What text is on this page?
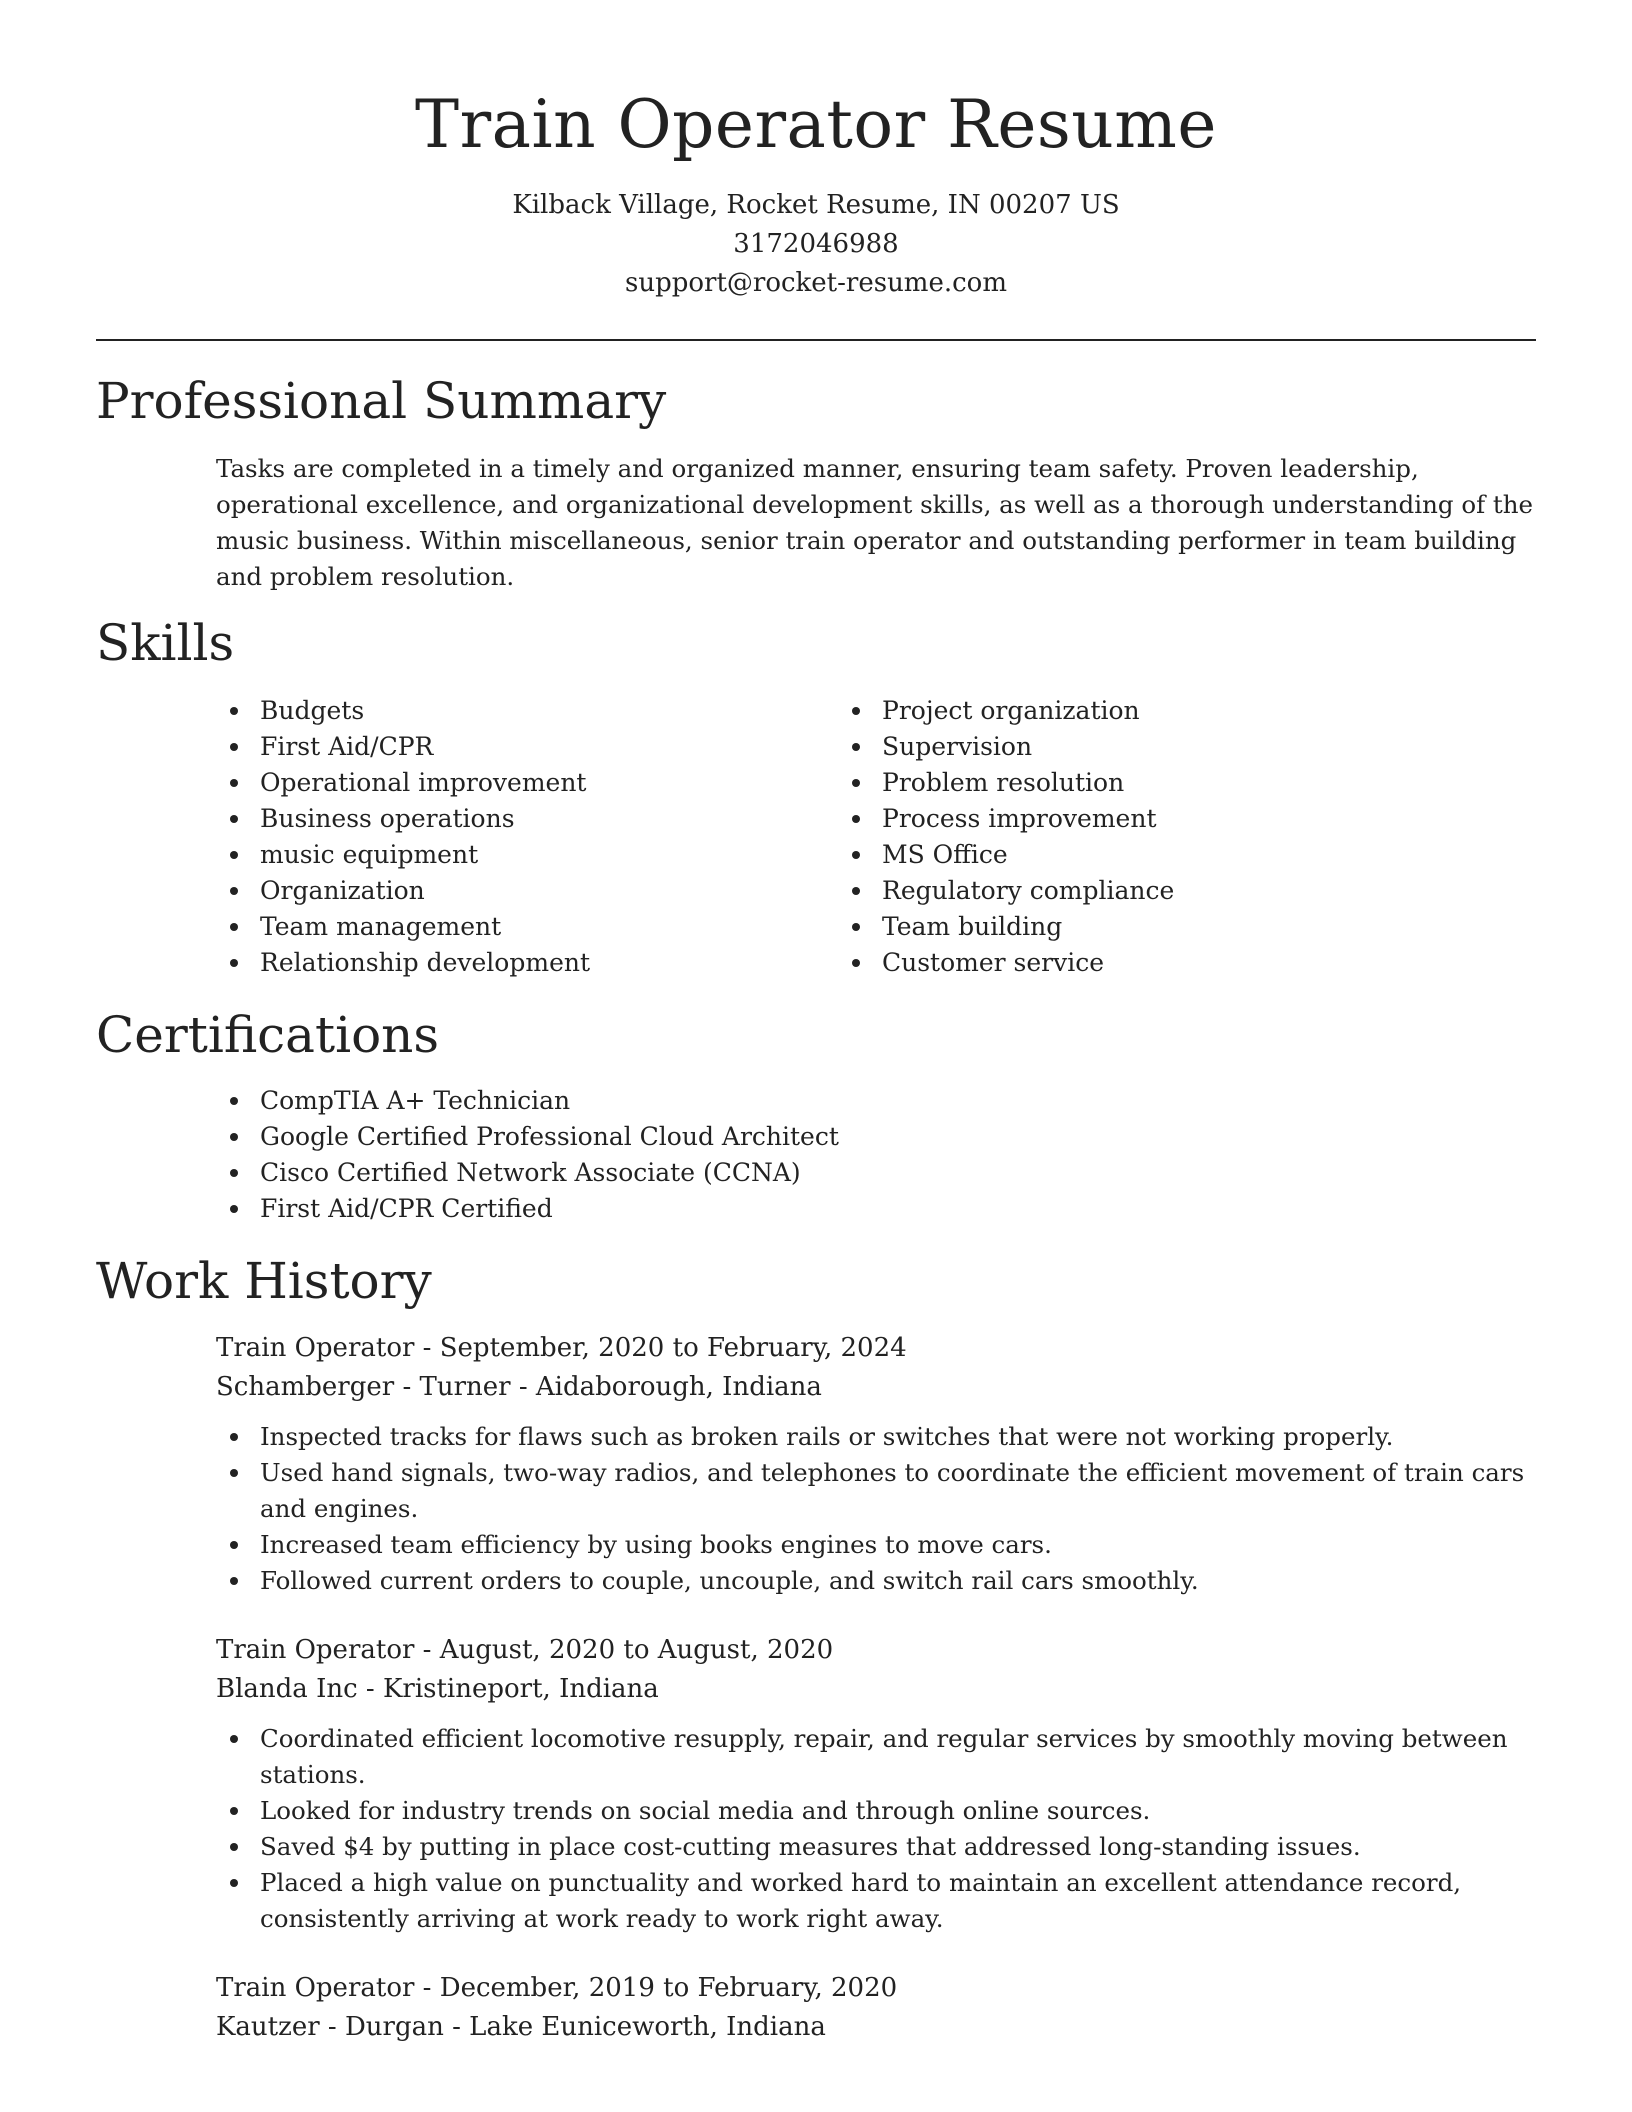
Train Operator Resume
Kilback Village, Rocket Resume, IN 00207 US
3172046988
support@rocket-resume.com
Professional Summary

Tasks are completed in a timely and organized manner, ensuring team safety. Proven leadership, operational excellence, and organizational development skills, as well as a thorough understanding of the music business. Within miscellaneous, senior train operator and outstanding performer in team building and problem resolution.

Skills
Budgets
First Aid/CPR
Operational improvement
Business operations
music equipment
Organization
Team management
Relationship development
Project organization
Supervision
Problem resolution
Process improvement
MS Office
Regulatory compliance
Team building
Customer service
Certifications
CompTIA A+ Technician
Google Certified Professional Cloud Architect
Cisco Certified Network Associate (CCNA)
First Aid/CPR Certified
Work History
Train Operator - September, 2020 to February, 2024
Schamberger - Turner - Aidaborough, Indiana
Inspected tracks for flaws such as broken rails or switches that were not working properly.
Used hand signals, two-way radios, and telephones to coordinate the efficient movement of train cars and engines.
Increased team efficiency by using books engines to move cars.
Followed current orders to couple, uncouple, and switch rail cars smoothly.
Train Operator - August, 2020 to August, 2020
Blanda Inc - Kristineport, Indiana
Coordinated efficient locomotive resupply, repair, and regular services by smoothly moving between stations.
Looked for industry trends on social media and through online sources.
Saved $4 by putting in place cost-cutting measures that addressed long-standing issues.
Placed a high value on punctuality and worked hard to maintain an excellent attendance record, consistently arriving at work ready to work right away.
Train Operator - December, 2019 to February, 2020
Kautzer - Durgan - Lake Euniceworth, Indiana
